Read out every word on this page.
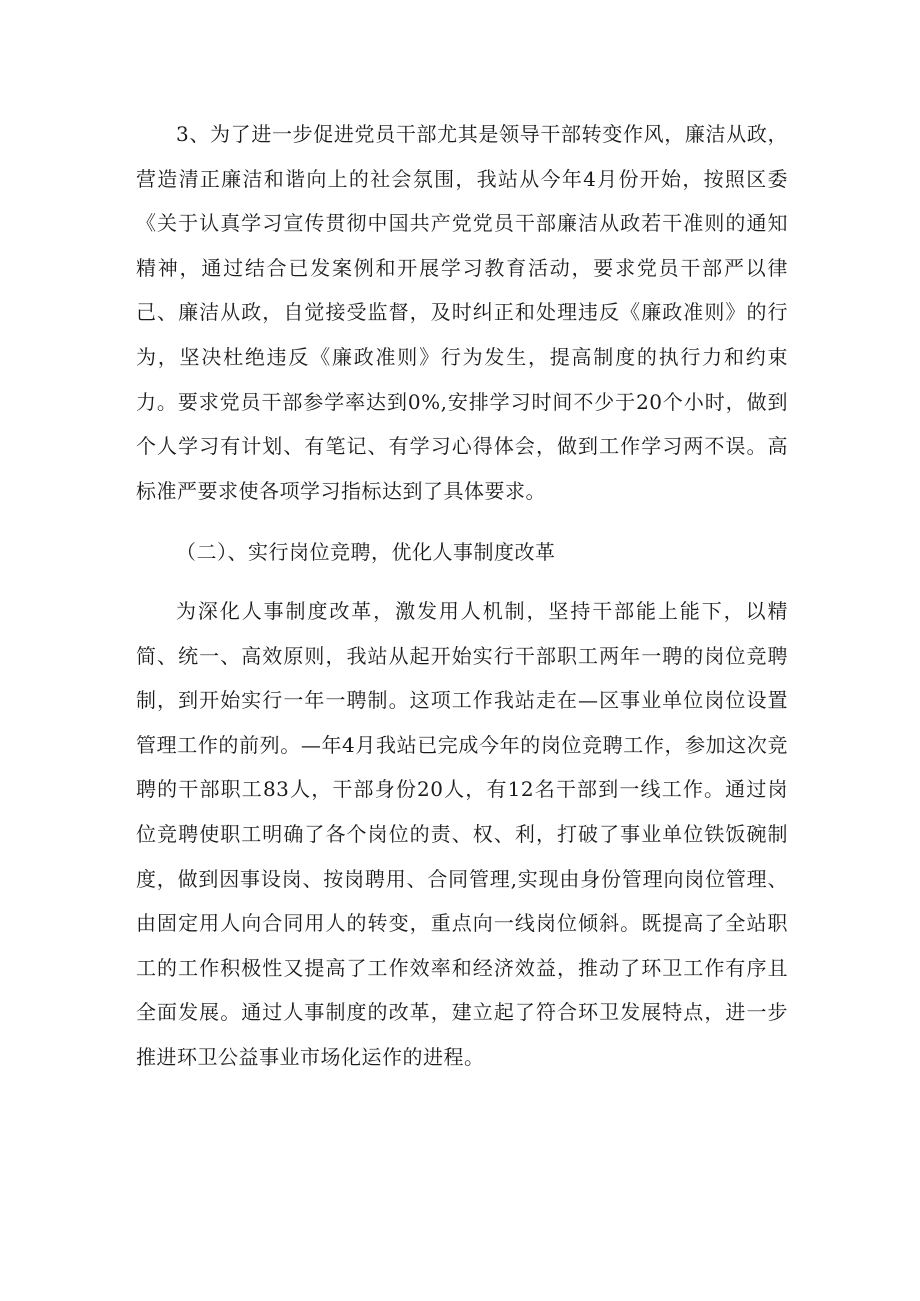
3、为了进一步促进党员干部尤其是领导干部转变作风，廉洁从政，营造清正廉洁和谐向上的社会氛围，我站从今年4月份开始，按照区委《关于认真学习宣传贯彻中国共产党党员干部廉洁从政若干准则的通知精神，通过结合已发案例和开展学习教育活动，要求党员干部严以律己、廉洁从政，自觉接受监督，及时纠正和处理违反《廉政准则》的行为，坚决杜绝违反《廉政准则》行为发生，提高制度的执行力和约束力。要求党员干部参学率达到0%,安排学习时间不少于20个小时，做到个人学习有计划、有笔记、有学习心得体会，做到工作学习两不误。高标准严要求使各项学习指标达到了具体要求。

（二）、实行岗位竞聘，优化人事制度改革

为深化人事制度改革，激发用人机制，坚持干部能上能下，以精简、统一、高效原则，我站从起开始实行干部职工两年一聘的岗位竞聘制，到开始实行一年一聘制。这项工作我站走在—区事业单位岗位设置管理工作的前列。—年4月我站已完成今年的岗位竞聘工作，参加这次竞聘的干部职工83人，干部身份20人，有12名干部到一线工作。通过岗位竞聘使职工明确了各个岗位的责、权、利，打破了事业单位铁饭碗制度，做到因事设岗、按岗聘用、合同管理,实现由身份管理向岗位管理、由固定用人向合同用人的转变，重点向一线岗位倾斜。既提高了全站职工的工作积极性又提高了工作效率和经济效益，推动了环卫工作有序且全面发展。通过人事制度的改革，建立起了符合环卫发展特点，进一步推进环卫公益事业市场化运作的进程。
